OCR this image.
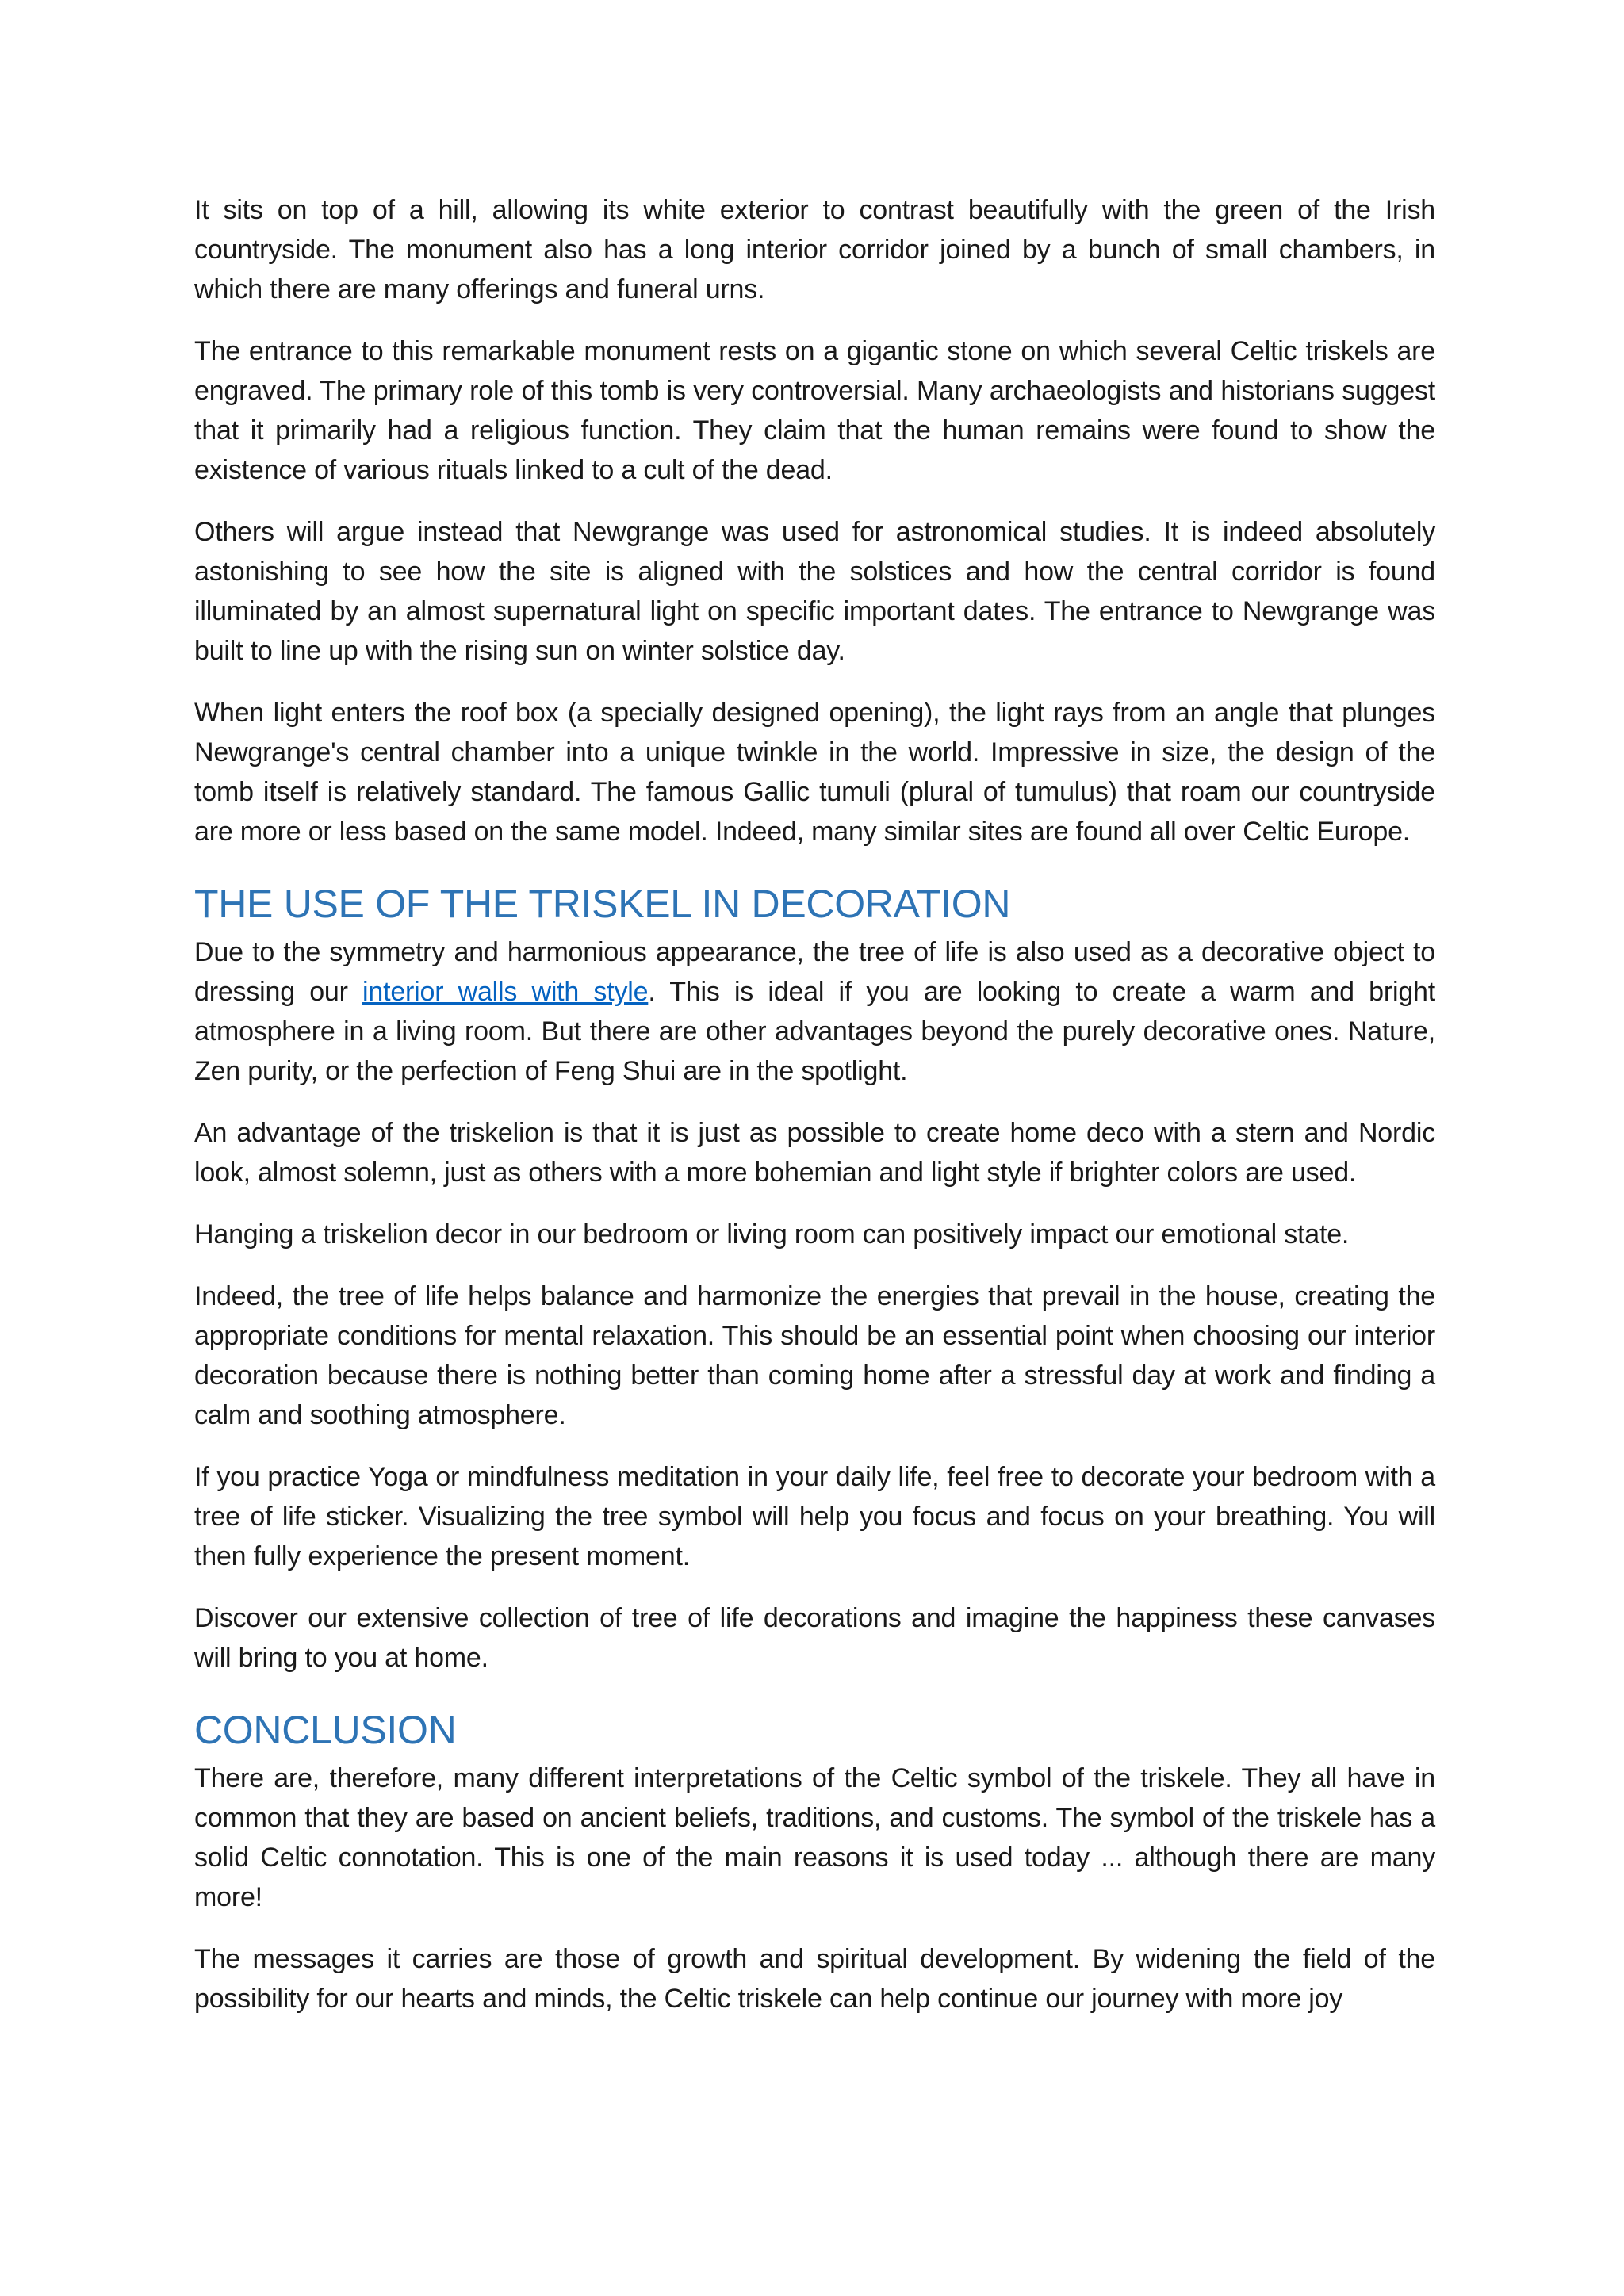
It sits on top of a hill, allowing its white exterior to contrast beautifully with the green of the Irish countryside. The monument also has a long interior corridor joined by a bunch of small chambers, in which there are many offerings and funeral urns.

The entrance to this remarkable monument rests on a gigantic stone on which several Celtic triskels are engraved. The primary role of this tomb is very controversial. Many archaeologists and historians suggest that it primarily had a religious function. They claim that the human remains were found to show the existence of various rituals linked to a cult of the dead.

Others will argue instead that Newgrange was used for astronomical studies. It is indeed absolutely astonishing to see how the site is aligned with the solstices and how the central corridor is found illuminated by an almost supernatural light on specific important dates. The entrance to Newgrange was built to line up with the rising sun on winter solstice day.

When light enters the roof box (a specially designed opening), the light rays from an angle that plunges Newgrange's central chamber into a unique twinkle in the world. Impressive in size, the design of the tomb itself is relatively standard. The famous Gallic tumuli (plural of tumulus) that roam our countryside are more or less based on the same model. Indeed, many similar sites are found all over Celtic Europe.

THE USE OF THE TRISKEL IN DECORATION

Due to the symmetry and harmonious appearance, the tree of life is also used as a decorative object to dressing our interior walls with style. This is ideal if you are looking to create a warm and bright atmosphere in a living room. But there are other advantages beyond the purely decorative ones. Nature, Zen purity, or the perfection of Feng Shui are in the spotlight.

An advantage of the triskelion is that it is just as possible to create home deco with a stern and Nordic look, almost solemn, just as others with a more bohemian and light style if brighter colors are used.

Hanging a triskelion decor in our bedroom or living room can positively impact our emotional state.

Indeed, the tree of life helps balance and harmonize the energies that prevail in the house, creating the appropriate conditions for mental relaxation. This should be an essential point when choosing our interior decoration because there is nothing better than coming home after a stressful day at work and finding a calm and soothing atmosphere.

If you practice Yoga or mindfulness meditation in your daily life, feel free to decorate your bedroom with a tree of life sticker. Visualizing the tree symbol will help you focus and focus on your breathing. You will then fully experience the present moment.

Discover our extensive collection of tree of life decorations and imagine the happiness these canvases will bring to you at home.

CONCLUSION

There are, therefore, many different interpretations of the Celtic symbol of the triskele. They all have in common that they are based on ancient beliefs, traditions, and customs. The symbol of the triskele has a solid Celtic connotation. This is one of the main reasons it is used today ... although there are many more!

The messages it carries are those of growth and spiritual development. By widening the field of the possibility for our hearts and minds, the Celtic triskele can help continue our journey with more joy
